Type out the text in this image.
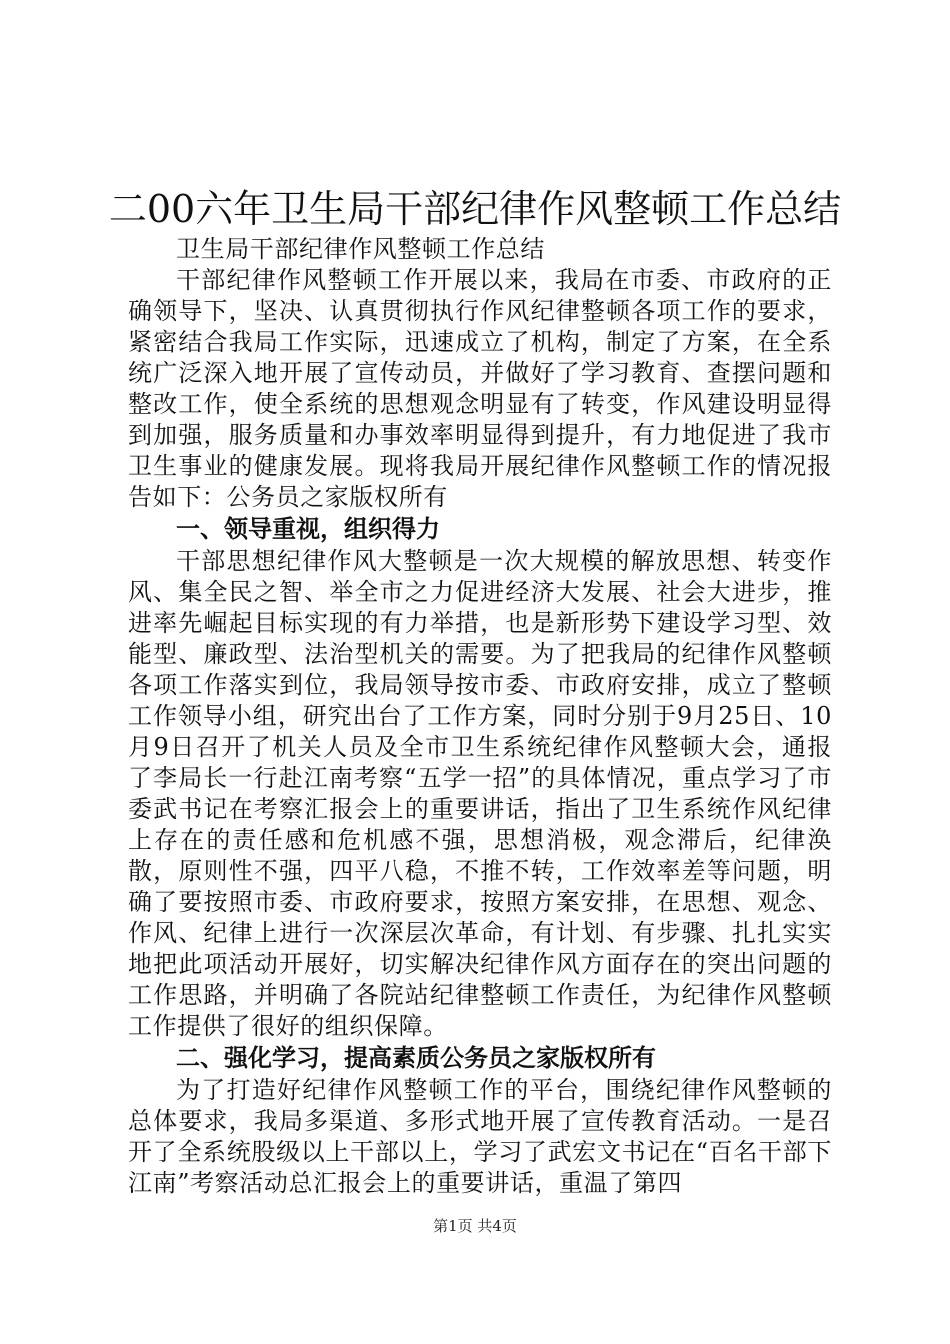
二00六年卫生局干部纪律作风整顿工作总结

卫生局干部纪律作风整顿工作总结

干部纪律作风整顿工作开展以来，我局在市委、市政府的正确领导下，坚决、认真贯彻执行作风纪律整顿各项工作的要求，紧密结合我局工作实际，迅速成立了机构，制定了方案，在全系统广泛深入地开展了宣传动员，并做好了学习教育、查摆问题和整改工作，使全系统的思想观念明显有了转变，作风建设明显得到加强，服务质量和办事效率明显得到提升，有力地促进了我市卫生事业的健康发展。现将我局开展纪律作风整顿工作的情况报告如下：公务员之家版权所有

一、领导重视，组织得力

干部思想纪律作风大整顿是一次大规模的解放思想、转变作风、集全民之智、举全市之力促进经济大发展、社会大进步，推进率先崛起目标实现的有力举措，也是新形势下建设学习型、效能型、廉政型、法治型机关的需要。为了把我局的纪律作风整顿各项工作落实到位，我局领导按市委、市政府安排，成立了整顿工作领导小组，研究出台了工作方案，同时分别于9月25日、10月9日召开了机关人员及全市卫生系统纪律作风整顿大会，通报了李局长一行赴江南考察“五学一招”的具体情况，重点学习了市委武书记在考察汇报会上的重要讲话，指出了卫生系统作风纪律上存在的责任感和危机感不强，思想消极，观念滞后，纪律涣散，原则性不强，四平八稳，不推不转，工作效率差等问题，明确了要按照市委、市政府要求，按照方案安排，在思想、观念、作风、纪律上进行一次深层次革命，有计划、有步骤、扎扎实实地把此项活动开展好，切实解决纪律作风方面存在的突出问题的工作思路，并明确了各院站纪律整顿工作责任，为纪律作风整顿工作提供了很好的组织保障。

二、强化学习，提高素质公务员之家版权所有

为了打造好纪律作风整顿工作的平台，围绕纪律作风整顿的总体要求，我局多渠道、多形式地开展了宣传教育活动。一是召开了全系统股级以上干部以上，学习了武宏文书记在“百名干部下江南”考察活动总汇报会上的重要讲话，重温了第四

第1页 共4页
